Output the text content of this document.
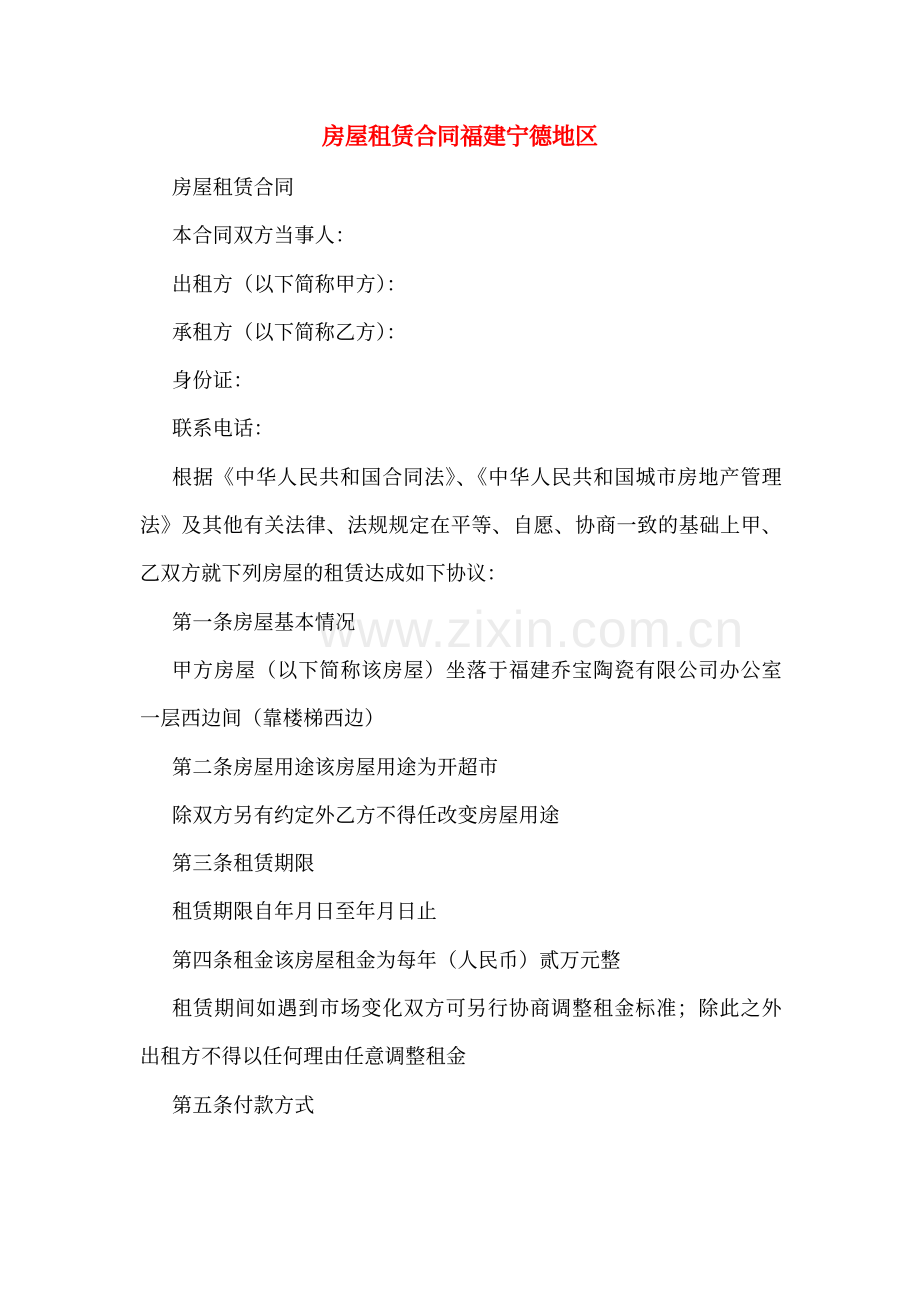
房屋租赁合同福建宁德地区

房屋租赁合同

本合同双方当事人：

出租方（以下简称甲方）：

承租方（以下简称乙方）：

身份证：

联系电话：

根据《中华人民共和国合同法》、《中华人民共和国城市房地产管理法》及其他有关法律、法规规定在平等、自愿、协商一致的基础上甲、乙双方就下列房屋的租赁达成如下协议：

第一条房屋基本情况

甲方房屋（以下简称该房屋）坐落于福建乔宝陶瓷有限公司办公室一层西边间（靠楼梯西边）

第二条房屋用途该房屋用途为开超市

除双方另有约定外乙方不得任改变房屋用途

第三条租赁期限

租赁期限自年月日至年月日止

第四条租金该房屋租金为每年（人民币）贰万元整

租赁期间如遇到市场变化双方可另行协商调整租金标准；除此之外出租方不得以任何理由任意调整租金

第五条付款方式

www.zixin.com.cn
